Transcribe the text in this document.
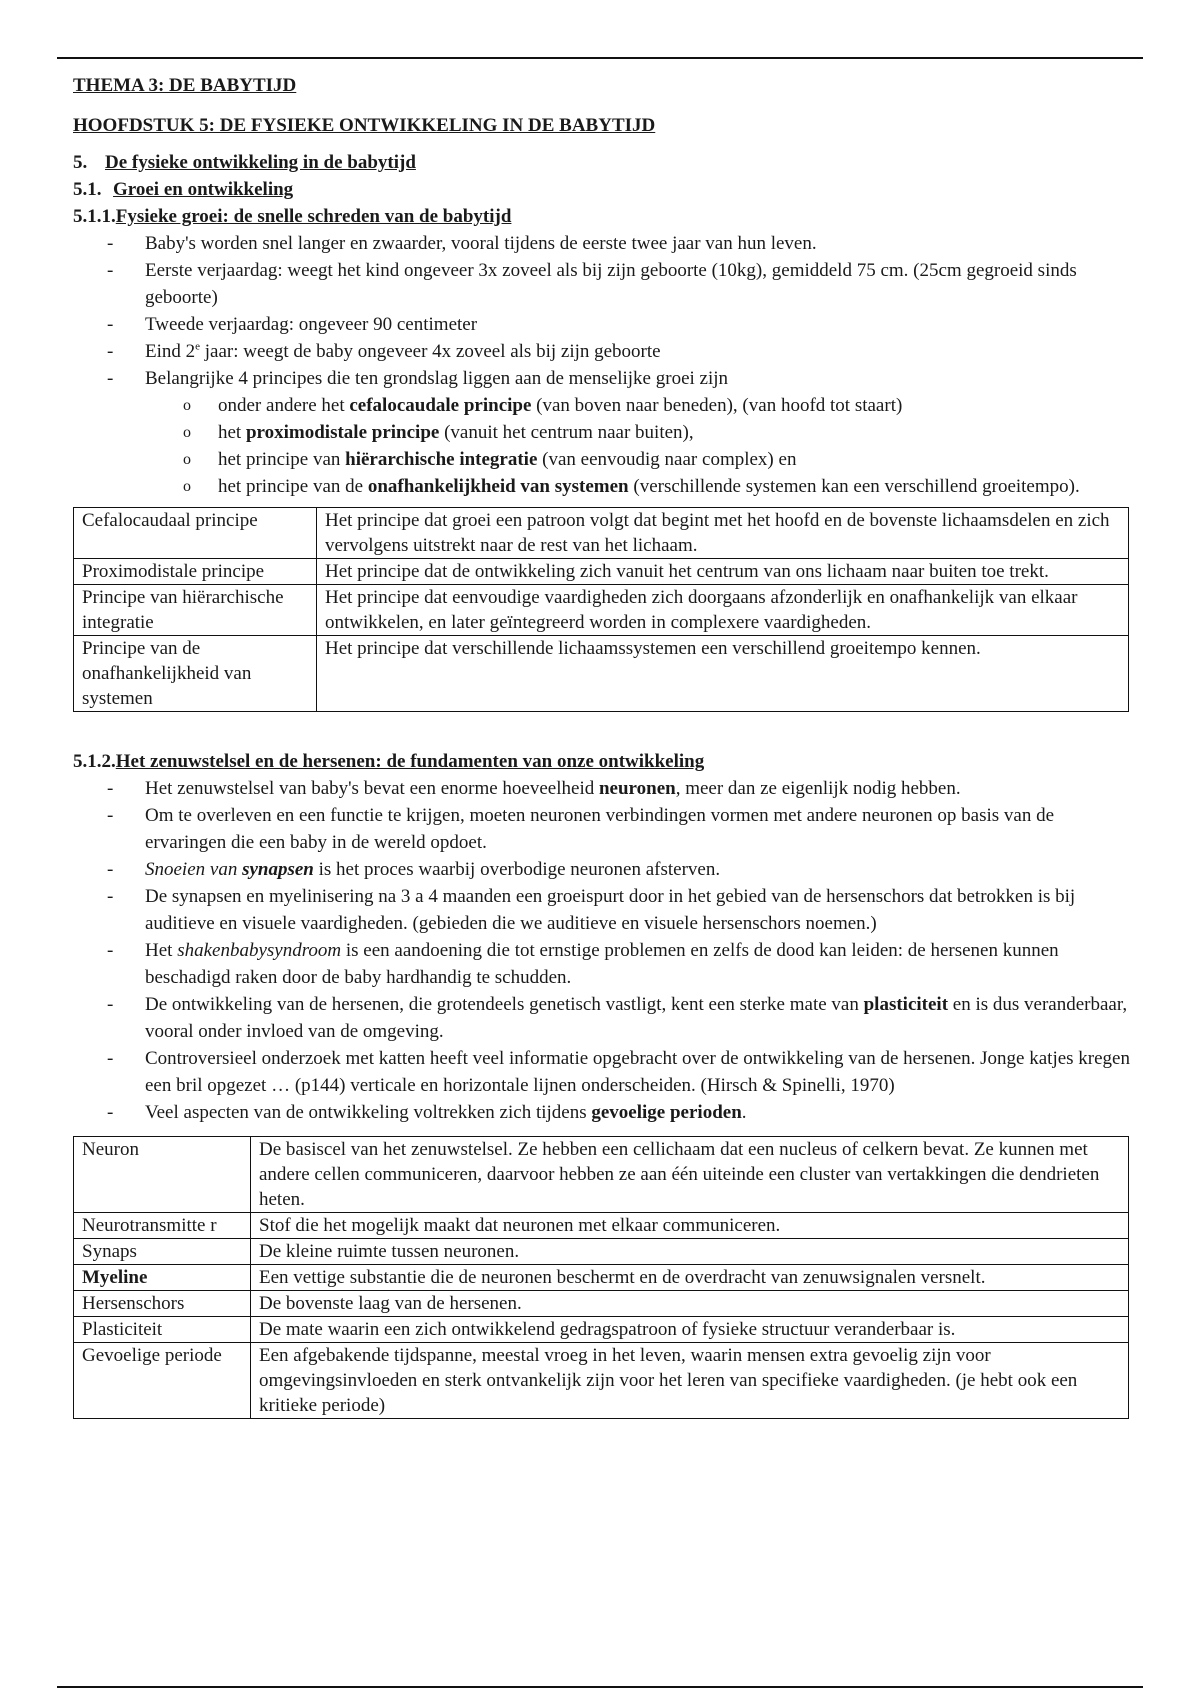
THEMA 3: DE BABYTIJD

HOOFDSTUK 5: DE FYSIEKE ONTWIKKELING IN DE BABYTIJD

5. De fysieke ontwikkeling in de babytijd

5.1. Groei en ontwikkeling

5.1.1.Fysieke groei: de snelle schreden van de babytijd

- Baby's worden snel langer en zwaarder, vooral tijdens de eerste twee jaar van hun leven.
- Eerste verjaardag: weegt het kind ongeveer 3x zoveel als bij zijn geboorte (10kg), gemiddeld 75 cm. (25cm gegroeid sinds geboorte)
- Tweede verjaardag: ongeveer 90 centimeter
- Eind 2e jaar: weegt de baby ongeveer 4x zoveel als bij zijn geboorte
- Belangrijke 4 principes die ten grondslag liggen aan de menselijke groei zijn
o onder andere het cefalocaudale principe (van boven naar beneden), (van hoofd tot staart)
o het proximodistale principe (vanuit het centrum naar buiten),
o het principe van hiërarchische integratie (van eenvoudig naar complex) en
o het principe van de onafhankelijkheid van systemen (verschillende systemen kan een verschillend groeitempo).
Cefalocaudaal principe	Het principe dat groei een patroon volgt dat begint met het hoofd en de bovenste lichaamsdelen en zich vervolgens uitstrekt naar de rest van het lichaam.
Proximodistale principe	Het principe dat de ontwikkeling zich vanuit het centrum van ons lichaam naar buiten toe trekt.
Principe van hiërarchische integratie	Het principe dat eenvoudige vaardigheden zich doorgaans afzonderlijk en onafhankelijk van elkaar ontwikkelen, en later geïntegreerd worden in complexere vaardigheden.
Principe van de onafhankelijkheid van systemen	Het principe dat verschillende lichaamssystemen een verschillend groeitempo kennen.

5.1.2.Het zenuwstelsel en de hersenen: de fundamenten van onze ontwikkeling

- Het zenuwstelsel van baby's bevat een enorme hoeveelheid neuronen, meer dan ze eigenlijk nodig hebben.
- Om te overleven en een functie te krijgen, moeten neuronen verbindingen vormen met andere neuronen op basis van de ervaringen die een baby in de wereld opdoet.
- Snoeien van synapsen is het proces waarbij overbodige neuronen afsterven.
- De synapsen en myelinisering na 3 a 4 maanden een groeispurt door in het gebied van de hersenschors dat betrokken is bij auditieve en visuele vaardigheden. (gebieden die we auditieve en visuele hersenschors noemen.)
- Het shakenbabysyndroom is een aandoening die tot ernstige problemen en zelfs de dood kan leiden: de hersenen kunnen beschadigd raken door de baby hardhandig te schudden.
- De ontwikkeling van de hersenen, die grotendeels genetisch vastligt, kent een sterke mate van plasticiteit en is dus veranderbaar, vooral onder invloed van de omgeving.
- Controversieel onderzoek met katten heeft veel informatie opgebracht over de ontwikkeling van de hersenen. Jonge katjes kregen een bril opgezet … (p144) verticale en horizontale lijnen onderscheiden. (Hirsch & Spinelli, 1970)
- Veel aspecten van de ontwikkeling voltrekken zich tijdens gevoelige perioden.
Neuron	De basiscel van het zenuwstelsel. Ze hebben een cellichaam dat een nucleus of celkern bevat. Ze kunnen met andere cellen communiceren, daarvoor hebben ze aan één uiteinde een cluster van vertakkingen die dendrieten heten.
Neurotransmitte r	Stof die het mogelijk maakt dat neuronen met elkaar communiceren.
Synaps	De kleine ruimte tussen neuronen.
Myeline	Een vettige substantie die de neuronen beschermt en de overdracht van zenuwsignalen versnelt.
Hersenschors	De bovenste laag van de hersenen.
Plasticiteit	De mate waarin een zich ontwikkelend gedragspatroon of fysieke structuur veranderbaar is.
Gevoelige periode	Een afgebakende tijdspanne, meestal vroeg in het leven, waarin mensen extra gevoelig zijn voor omgevingsinvloeden en sterk ontvankelijk zijn voor het leren van specifieke vaardigheden. (je hebt ook een kritieke periode)
